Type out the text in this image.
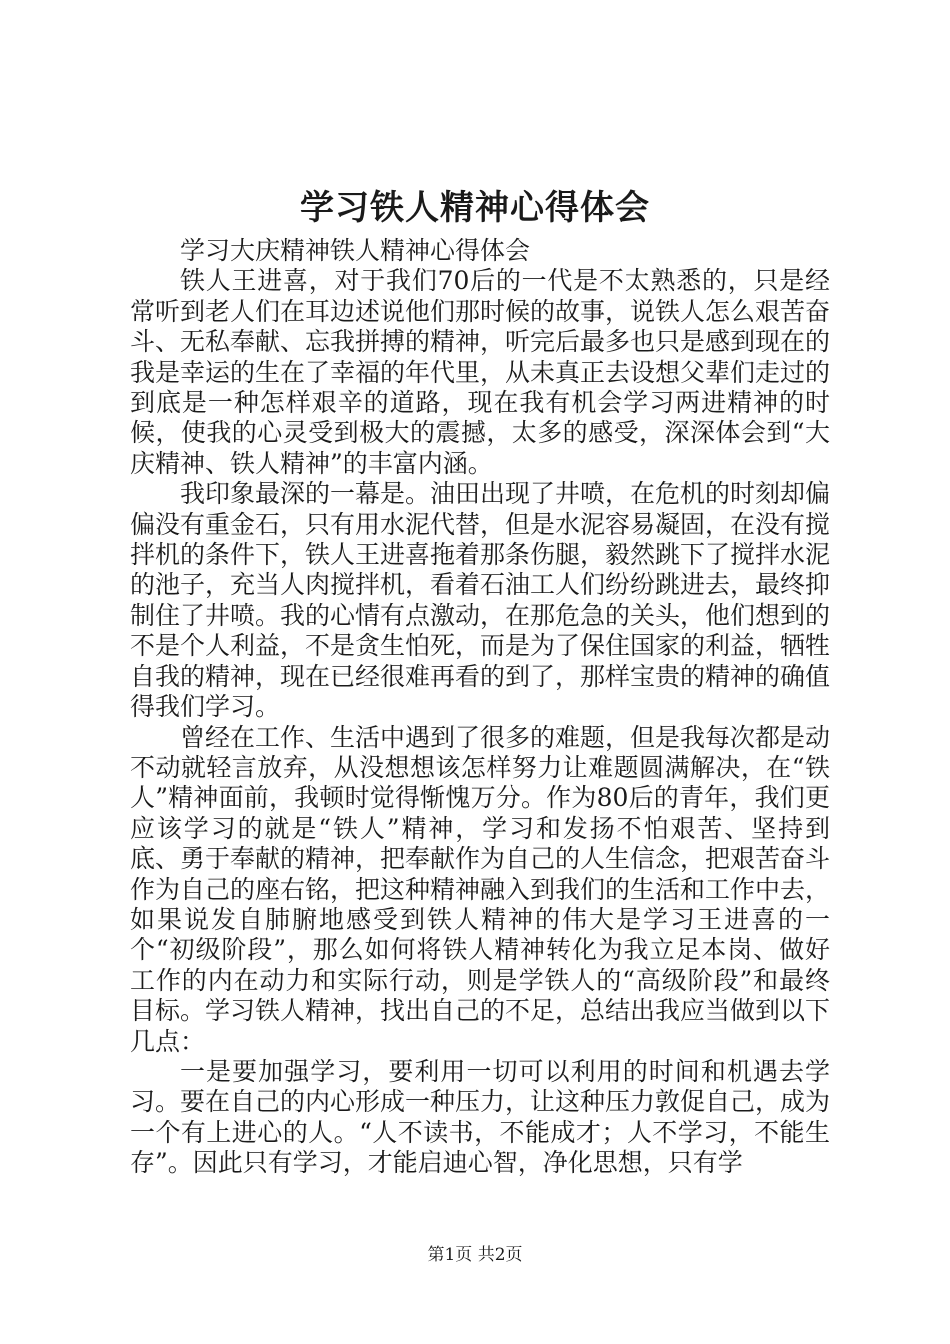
学习铁人精神心得体会

学习大庆精神铁人精神心得体会

铁人王进喜，对于我们70后的一代是不太熟悉的，只是经常听到老人们在耳边述说他们那时候的故事，说铁人怎么艰苦奋斗、无私奉献、忘我拼搏的精神，听完后最多也只是感到现在的我是幸运的生在了幸福的年代里，从未真正去设想父辈们走过的到底是一种怎样艰辛的道路，现在我有机会学习两进精神的时候，使我的心灵受到极大的震撼，太多的感受，深深体会到“大庆精神、铁人精神”的丰富内涵。

我印象最深的一幕是。油田出现了井喷，在危机的时刻却偏偏没有重金石，只有用水泥代替，但是水泥容易凝固，在没有搅拌机的条件下，铁人王进喜拖着那条伤腿，毅然跳下了搅拌水泥的池子，充当人肉搅拌机，看着石油工人们纷纷跳进去，最终抑制住了井喷。我的心情有点激动，在那危急的关头，他们想到的不是个人利益，不是贪生怕死，而是为了保住国家的利益，牺牲自我的精神，现在已经很难再看的到了，那样宝贵的精神的确值得我们学习。

曾经在工作、生活中遇到了很多的难题，但是我每次都是动不动就轻言放弃，从没想想该怎样努力让难题圆满解决，在“铁人”精神面前，我顿时觉得惭愧万分。作为80后的青年，我们更应该学习的就是“铁人”精神，学习和发扬不怕艰苦、坚持到底、勇于奉献的精神，把奉献作为自己的人生信念，把艰苦奋斗作为自己的座右铭，把这种精神融入到我们的生活和工作中去，如果说发自肺腑地感受到铁人精神的伟大是学习王进喜的一个“初级阶段”，那么如何将铁人精神转化为我立足本岗、做好工作的内在动力和实际行动，则是学铁人的“高级阶段”和最终目标。学习铁人精神，找出自己的不足，总结出我应当做到以下几点：

一是要加强学习，要利用一切可以利用的时间和机遇去学习。要在自己的内心形成一种压力，让这种压力敦促自己，成为一个有上进心的人。“人不读书，不能成才；人不学习，不能生存”。因此只有学习，才能启迪心智，净化思想，只有学

第1页 共2页
